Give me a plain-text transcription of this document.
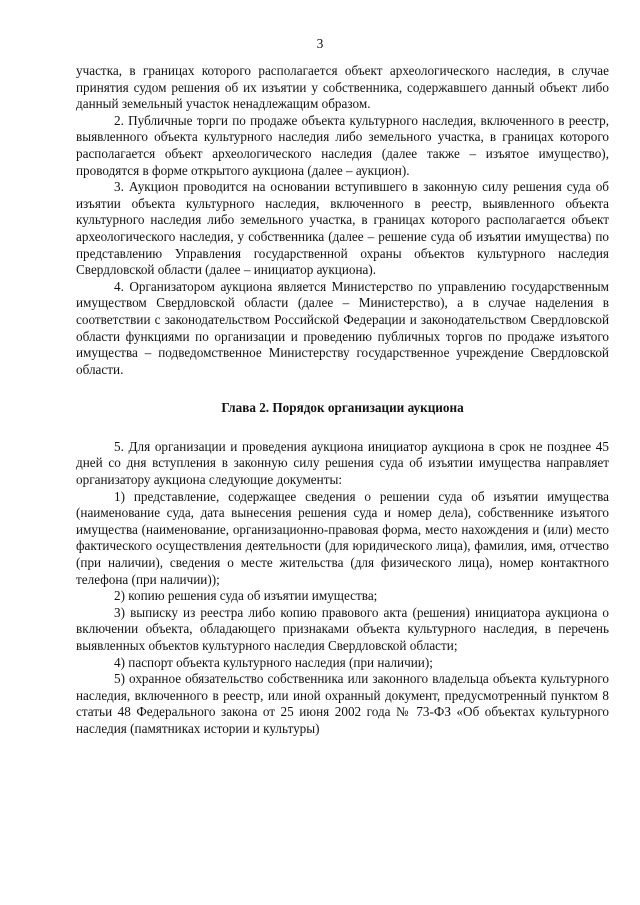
3

участка, в границах которого располагается объект археологического наследия, в случае принятия судом решения об их изъятии у собственника, содержавшего данный объект либо данный земельный участок ненадлежащим образом.

2. Публичные торги по продаже объекта культурного наследия, включенного в реестр, выявленного объекта культурного наследия либо земельного участка, в границах которого располагается объект археологического наследия (далее также – изъятое имущество), проводятся в форме открытого аукциона (далее – аукцион).

3. Аукцион проводится на основании вступившего в законную силу решения суда об изъятии объекта культурного наследия, включенного в реестр, выявленного объекта культурного наследия либо земельного участка, в границах которого располагается объект археологического наследия, у собственника (далее – решение суда об изъятии имущества) по представлению Управления государственной охраны объектов культурного наследия Свердловской области (далее – инициатор аукциона).

4. Организатором аукциона является Министерство по управлению государственным имуществом Свердловской области (далее – Министерство), а в случае наделения в соответствии с законодательством Российской Федерации и законодательством Свердловской области функциями по организации и проведению публичных торгов по продаже изъятого имущества – подведомственное Министерству государственное учреждение Свердловской области.

Глава 2. Порядок организации аукциона

5. Для организации и проведения аукциона инициатор аукциона в срок не позднее 45 дней со дня вступления в законную силу решения суда об изъятии имущества направляет организатору аукциона следующие документы:

1) представление, содержащее сведения о решении суда об изъятии имущества (наименование суда, дата вынесения решения суда и номер дела), собственнике изъятого имущества (наименование, организационно-правовая форма, место нахождения и (или) место фактического осуществления деятельности (для юридического лица), фамилия, имя, отчество (при наличии), сведения о месте жительства (для физического лица), номер контактного телефона (при наличии));

2) копию решения суда об изъятии имущества;

3) выписку из реестра либо копию правового акта (решения) инициатора аукциона о включении объекта, обладающего признаками объекта культурного наследия, в перечень выявленных объектов культурного наследия Свердловской области;

4) паспорт объекта культурного наследия (при наличии);

5) охранное обязательство собственника или законного владельца объекта культурного наследия, включенного в реестр, или иной охранный документ, предусмотренный пунктом 8 статьи 48 Федерального закона от 25 июня 2002 года № 73-ФЗ «Об объектах культурного наследия (памятниках истории и культуры)
